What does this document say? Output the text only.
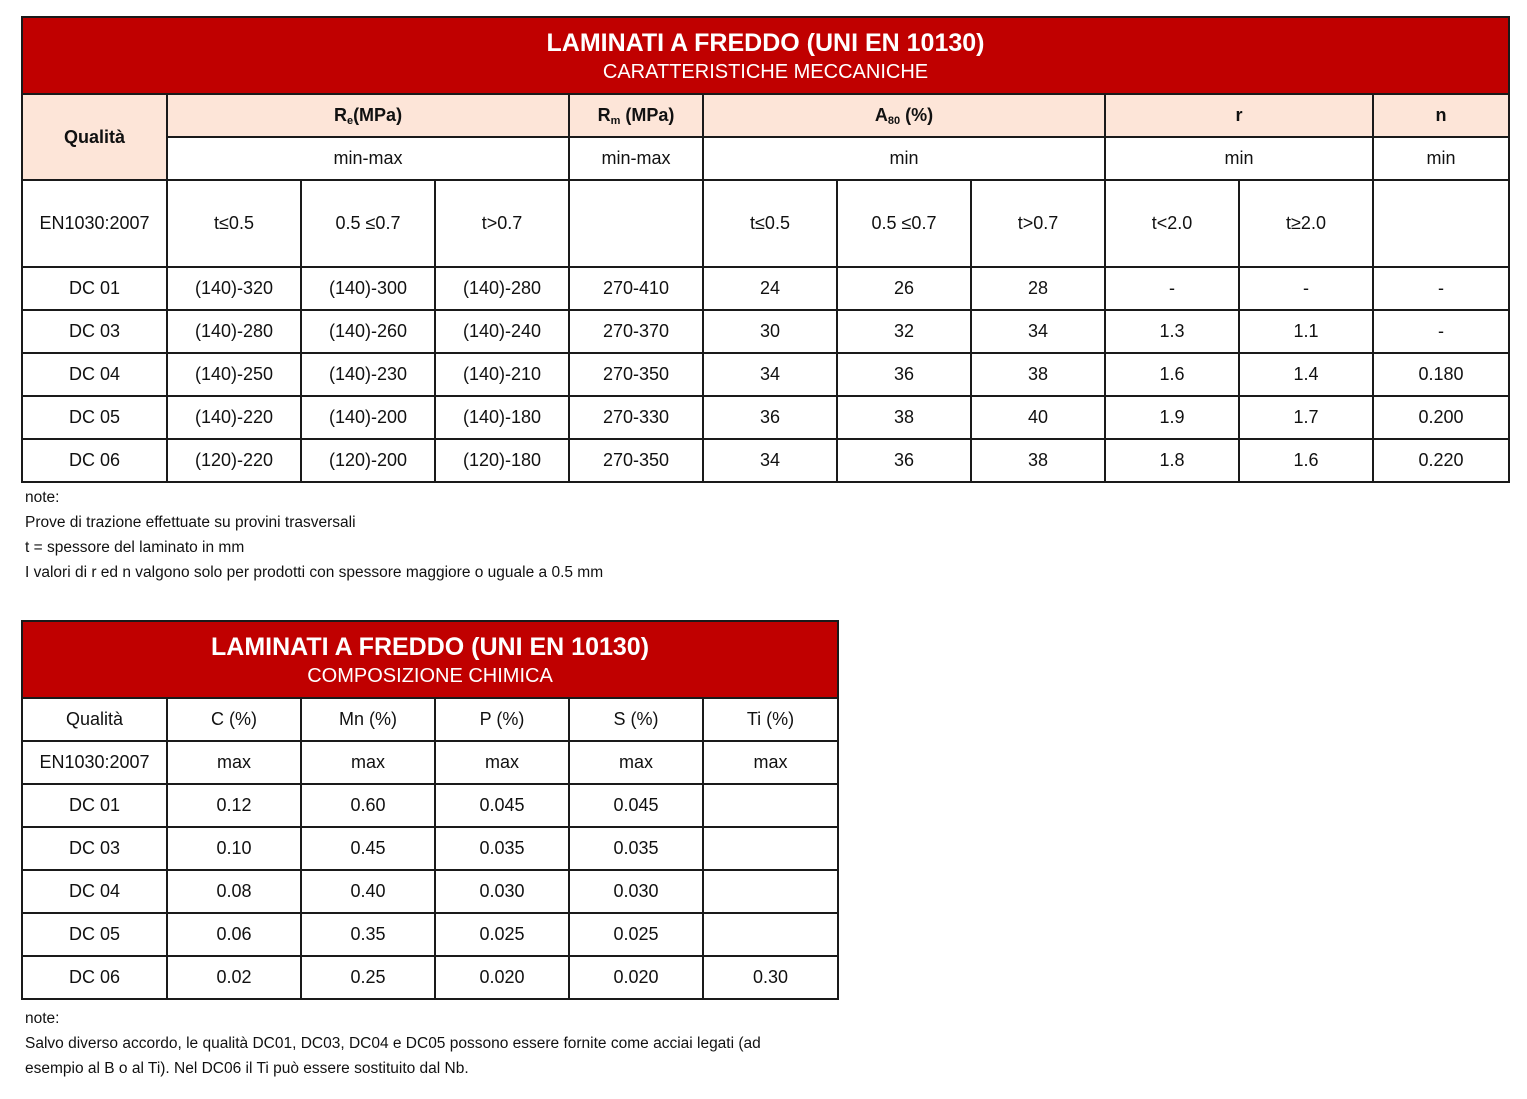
LAMINATI A FREDDO (UNI EN 10130)
CARATTERISTICHE MECCANICHE										

Qualità	$R_e(MPa)$			$R_m$ (MPa)	$A_{80}$ (%)			r		n
	min-max			min-max	min			min		min
EN1030:2007	t≤0.5	0.5 ≤0.7	t>0.7		t≤0.5	0.5 ≤0.7	t>0.7	t<2.0	t≥2.0	
DC 01	(140)-320	(140)-300	(140)-280	270-410	24	26	28	-	-	-
DC 03	(140)-280	(140)-260	(140)-240	270-370	30	32	34	1.3	1.1	-
DC 04	(140)-250	(140)-230	(140)-210	270-350	34	36	38	1.6	1.4	0.180
DC 05	(140)-220	(140)-200	(140)-180	270-330	36	38	40	1.9	1.7	0.200
DC 06	(120)-220	(120)-200	(120)-180	270-350	34	36	38	1.8	1.6	0.220
note:
Prove di trazione effettuate su provini trasversali
t = spessore del laminato in mm
I valori di r ed n valgono solo per prodotti con spessore maggiore o uguale a 0.5 mm
LAMINATI A FREDDO (UNI EN 10130)
COMPOSIZIONE CHIMICA					

Qualità	C (%)	Mn (%)	P (%)	S (%)	Ti (%)
EN1030:2007	max	max	max	max	max
DC 01	0.12	0.60	0.045	0.045	
DC 03	0.10	0.45	0.035	0.035	
DC 04	0.08	0.40	0.030	0.030	
DC 05	0.06	0.35	0.025	0.025	
DC 06	0.02	0.25	0.020	0.020	0.30
note:
Salvo diverso accordo, le qualità DC01, DC03, DC04 e DC05 possono essere fornite come acciai legati (ad
esempio al B o al Ti). Nel DC06 il Ti può essere sostituito dal Nb.
